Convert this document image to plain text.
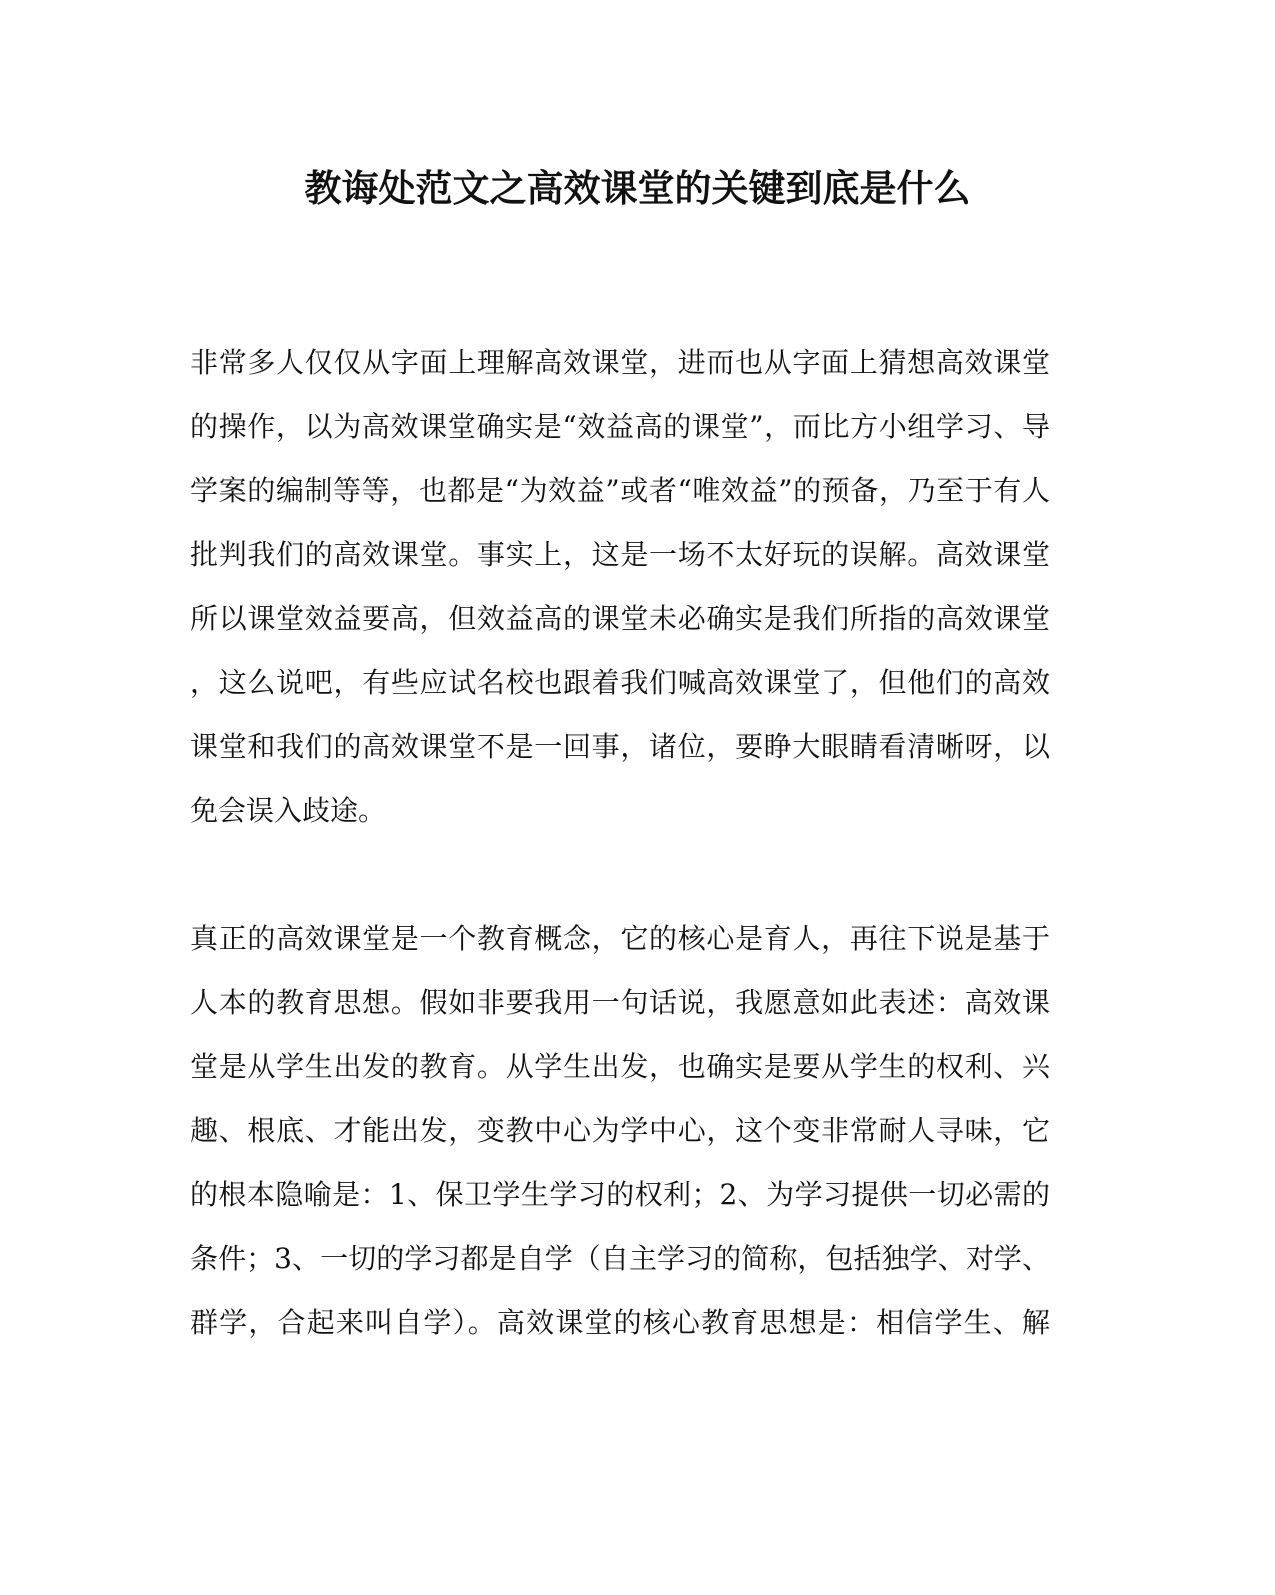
教诲处范文之高效课堂的关键到底是什么
非常多人仅仅从字面上理解高效课堂，进而也从字面上猜想高效课堂
的操作，以为高效课堂确实是“效益高的课堂”，而比方小组学习、导
学案的编制等等，也都是“为效益”或者“唯效益”的预备，乃至于有人
批判我们的高效课堂。事实上，这是一场不太好玩的误解。高效课堂
所以课堂效益要高，但效益高的课堂未必确实是我们所指的高效课堂
，这么说吧，有些应试名校也跟着我们喊高效课堂了，但他们的高效
课堂和我们的高效课堂不是一回事，诸位，要睁大眼睛看清晰呀，以
免会误入歧途。
真正的高效课堂是一个教育概念，它的核心是育人，再往下说是基于
人本的教育思想。假如非要我用一句话说，我愿意如此表述：高效课
堂是从学生出发的教育。从学生出发，也确实是要从学生的权利、兴
趣、根底、才能出发，变教中心为学中心，这个变非常耐人寻味，它
的根本隐喻是：1、保卫学生学习的权利；2、为学习提供一切必需的
条件；3、一切的学习都是自学（自主学习的简称，包括独学、对学、
群学，合起来叫自学）。高效课堂的核心教育思想是：相信学生、解
